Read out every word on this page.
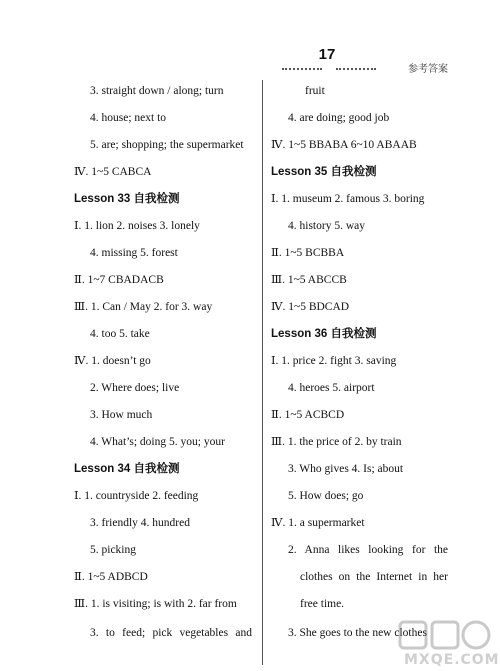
17
参考答案
3. straight down / along; turn
4. house; next to
5. are; shopping; the supermarket
Ⅳ. 1~5 CABCA
Lesson 33 自我检测
Ⅰ. 1. lion 2. noises 3. lonely
4. missing 5. forest
Ⅱ. 1~7 CBADACB
Ⅲ. 1. Can / May 2. for 3. way
4. too 5. take
Ⅳ. 1. doesn’t go
2. Where does; live
3. How much
4. What’s; doing 5. you; your
Lesson 34 自我检测
Ⅰ. 1. countryside 2. feeding
3. friendly 4. hundred
5. picking
Ⅱ. 1~5 ADBCD
Ⅲ. 1. is visiting; is with 2. far from
3. to feed; pick vegetables and
fruit
4. are doing; good job
Ⅳ. 1~5 BBABA 6~10 ABAAB
Lesson 35 自我检测
Ⅰ. 1. museum 2. famous 3. boring
4. history 5. way
Ⅱ. 1~5 BCBBA
Ⅲ. 1~5 ABCCB
Ⅳ. 1~5 BDCAD
Lesson 36 自我检测
Ⅰ. 1. price 2. fight 3. saving
4. heroes 5. airport
Ⅱ. 1~5 ACBCD
Ⅲ. 1. the price of 2. by train
3. Who gives 4. Is; about
5. How does; go
Ⅳ. 1. a supermarket
2. Anna likes looking for the
clothes on the Internet in her
free time.
3. She goes to the new clothes
MXQE.COM
